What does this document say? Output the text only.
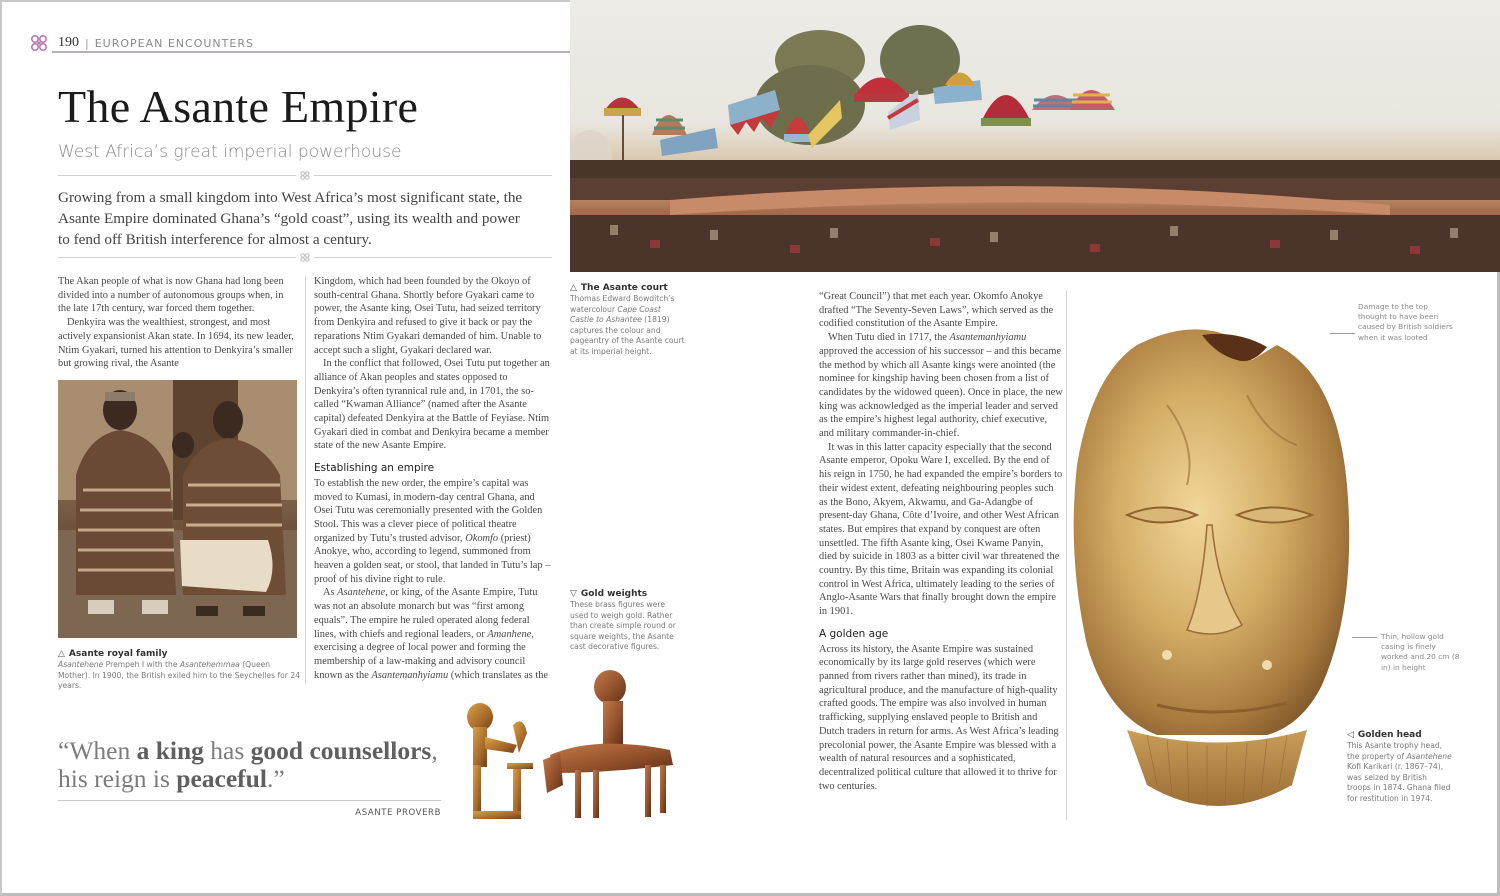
190 | EUROPEAN ENCOUNTERS
The Asante Empire
West Africa’s great imperial powerhouse

Growing from a small kingdom into West Africa’s most significant state, the Asante Empire dominated Ghana’s “gold coast”, using its wealth and power to fend off British interference for almost a century.

The Akan people of what is now Ghana had long been divided into a number of autonomous groups when, in the late 17th century, war forced them together.

Denkyira was the wealthiest, strongest, and most actively expansionist Akan state. In 1694, its new leader, Ntim Gyakari, turned his attention to Denkyira’s smaller but growing rival, the Asante

△ Asante royal family
Asantehene Prempeh I with the Asantehemmaa (Queen Mother). In 1900, the British exiled him to the Seychelles for 24 years.

Kingdom, which had been founded by the Okoyo of south-central Ghana. Shortly before Gyakari came to power, the Asante king, Osei Tutu, had seized territory from Denkyira and refused to give it back or pay the reparations Ntim Gyakari demanded of him. Unable to accept such a slight, Gyakari declared war.

In the conflict that followed, Osei Tutu put together an alliance of Akan peoples and states opposed to Denkyira’s often tyrannical rule and, in 1701, the so-called “Kwaman Alliance” (named after the Asante capital) defeated Denkyira at the Battle of Feyiase. Ntim Gyakari died in combat and Denkyira became a member state of the new Asante Empire.

Establishing an empire

To establish the new order, the empire’s capital was moved to Kumasi, in modern-day central Ghana, and Osei Tutu was ceremonially presented with the Golden Stool. This was a clever piece of political theatre organized by Tutu’s trusted advisor, Okomfo (priest) Anokye, who, according to legend, summoned from heaven a golden seat, or stool, that landed in Tutu’s lap – proof of his divine right to rule.

As Asantehene, or king, of the Asante Empire, Tutu was not an absolute monarch but was “first among equals”. The empire he ruled operated along federal lines, with chiefs and regional leaders, or Amanhene, exercising a degree of local power and forming the membership of a law-making and advisory council known as the Asantemanhyiamu (which translates as the

△ The Asante court
Thomas Edward Bowditch’s watercolour Cape Coast Castle to Ashantee (1819) captures the colour and pageantry of the Asante court at its imperial height.
▽ Gold weights
These brass figures were used to weigh gold. Rather than create simple round or square weights, the Asante cast decorative figures.
“When a king has good counsellors, his reign is peaceful.”
ASANTE PROVERB

“Great Council”) that met each year. Okomfo Anokye drafted “The Seventy-Seven Laws”, which served as the codified constitution of the Asante Empire.

When Tutu died in 1717, the Asantemanhyiamu approved the accession of his successor – and this became the method by which all Asante kings were anointed (the nominee for kingship having been chosen from a list of candidates by the widowed queen). Once in place, the new king was acknowledged as the imperial leader and served as the empire’s highest legal authority, chief executive, and military commander-in-chief.

It was in this latter capacity especially that the second Asante emperor, Opoku Ware I, excelled. By the end of his reign in 1750, he had expanded the empire’s borders to their widest extent, defeating neighbouring peoples such as the Bono, Akyem, Akwamu, and Ga-Adangbe of present-day Ghana, Côte d’Ivoire, and other West African states. But empires that expand by conquest are often unsettled. The fifth Asante king, Osei Kwame Panyin, died by suicide in 1803 as a bitter civil war threatened the country. By this time, Britain was expanding its colonial control in West Africa, ultimately leading to the series of Anglo-Asante Wars that finally brought down the empire in 1901.

A golden age

Across its history, the Asante Empire was sustained economically by its large gold reserves (which were panned from rivers rather than mined), its trade in agricultural produce, and the manufacture of high-quality crafted goods. The empire was also involved in human trafficking, supplying enslaved people to British and Dutch traders in return for arms. As West Africa’s leading precolonial power, the Asante Empire was blessed with a wealth of natural resources and a sophisticated, decentralized political culture that allowed it to thrive for two centuries.

Damage to the top thought to have been caused by British soldiers when it was looted
Thin, hollow gold casing is finely worked and 20 cm (8 in) in height
◁ Golden head
This Asante trophy head, the property of Asantehene Kofi Karikari (r. 1867–74), was seized by British troops in 1874. Ghana filed for restitution in 1974.
